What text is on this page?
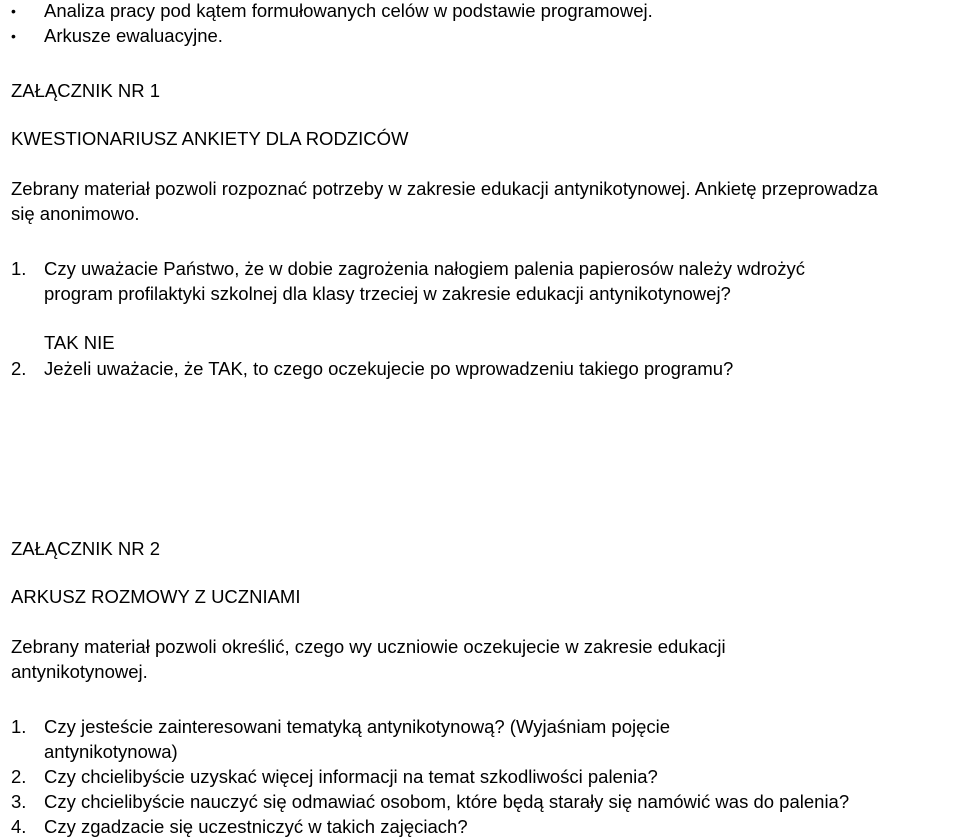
• Analiza pracy pod kątem formułowanych celów w podstawie programowej.
• Arkusze ewaluacyjne.
ZAŁĄCZNIK NR 1
KWESTIONARIUSZ ANKIETY DLA RODZICÓW
Zebrany materiał pozwoli rozpoznać potrzeby w zakresie edukacji antynikotynowej. Ankietę przeprowadza
się anonimowo.
1. Czy uważacie Państwo, że w dobie zagrożenia nałogiem palenia papierosów należy wdrożyć
program profilaktyki szkolnej dla klasy trzeciej w zakresie edukacji antynikotynowej?
TAK NIE
2. Jeżeli uważacie, że TAK, to czego oczekujecie po wprowadzeniu takiego programu?
ZAŁĄCZNIK NR 2
ARKUSZ ROZMOWY Z UCZNIAMI
Zebrany materiał pozwoli określić, czego wy uczniowie oczekujecie w zakresie edukacji
antynikotynowej.
1. Czy jesteście zainteresowani tematyką antynikotynową? (Wyjaśniam pojęcie
antynikotynowa)
2. Czy chcielibyście uzyskać więcej informacji na temat szkodliwości palenia?
3. Czy chcielibyście nauczyć się odmawiać osobom, które będą starały się namówić was do palenia?
4. Czy zgadzacie się uczestniczyć w takich zajęciach?
